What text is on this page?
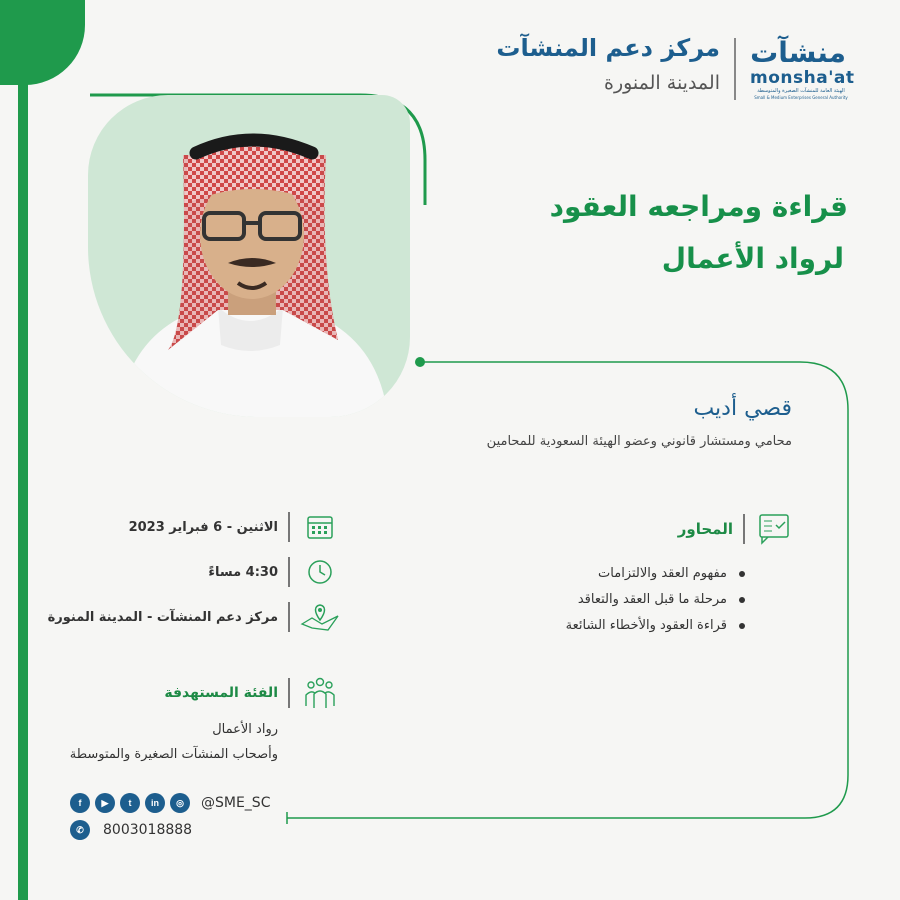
مركز دعم المنشآت
المدينة المنورة
منشآت
monsha'at
الهيئة العامة للمنشآت الصغيرة والمتوسطة
Small & Medium Enterprises General Authority
قراءة ومراجعه العقود
لرواد الأعمال
قصي أديب
محامي ومستشار قانوني وعضو الهيئة السعودية للمحامين
الاثنين - 6 فبراير 2023
4:30 مساءً
مركز دعم المنشآت - المدينة المنورة
المحاور
مفهوم العقد والالتزامات
مرحلة ما قبل العقد والتعاقد
قراءة العقود والأخطاء الشائعة
الفئة المستهدفة
رواد الأعمال
وأصحاب المنشآت الصغيرة والمتوسطة
f	▶	t	in	◎	@SME_SC
✆	8003018888
